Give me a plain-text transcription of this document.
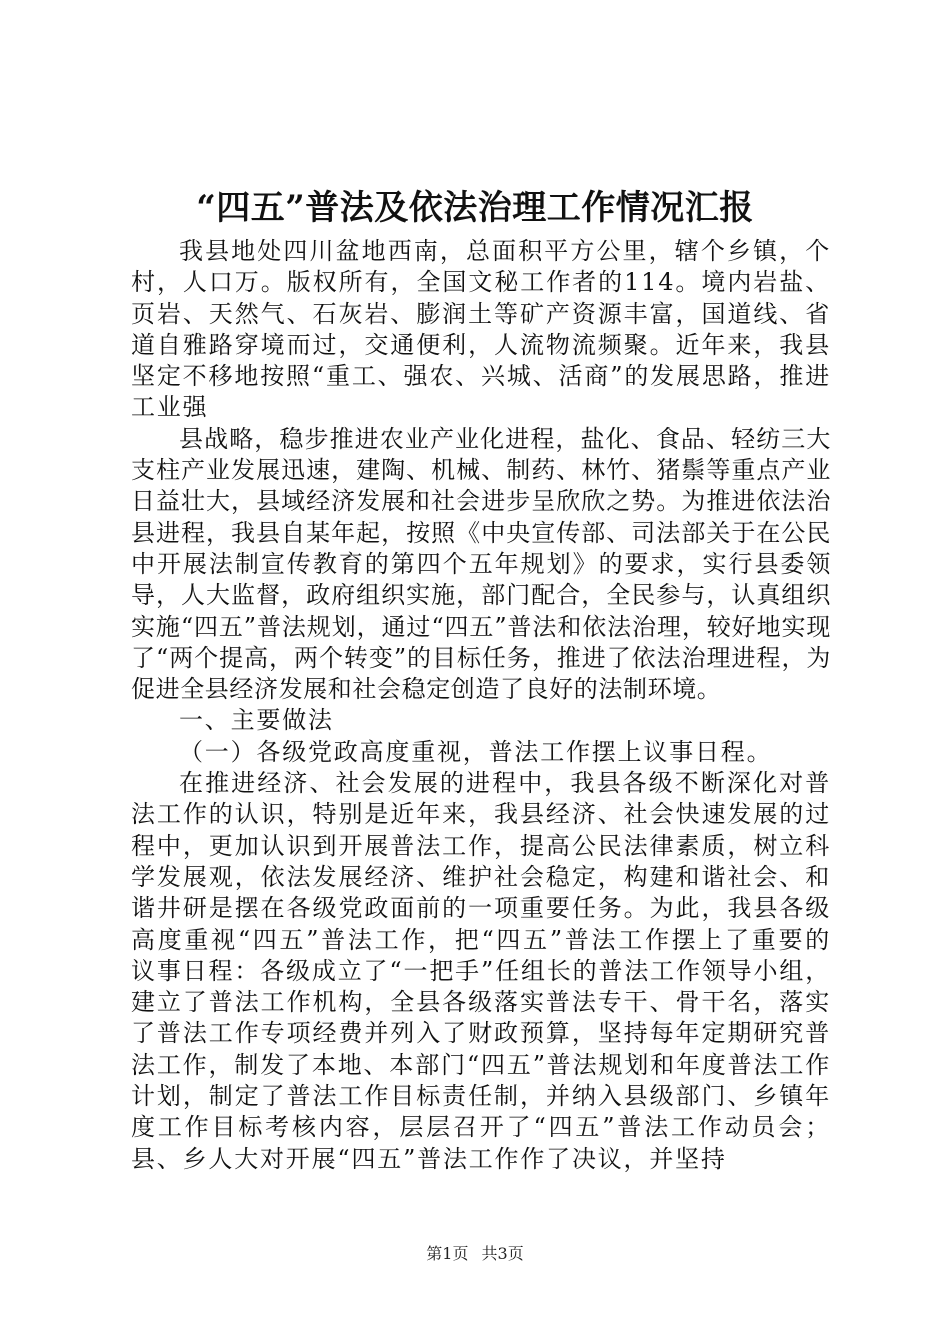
“四五”普法及依法治理工作情况汇报

我县地处四川盆地西南，总面积平方公里，辖个乡镇，个村，人口万。版权所有，全国文秘工作者的114。境内岩盐、页岩、天然气、石灰岩、膨润土等矿产资源丰富，国道线、省道自雅路穿境而过，交通便利，人流物流频聚。近年来，我县坚定不移地按照“重工、强农、兴城、活商”的发展思路，推进工业强

县战略，稳步推进农业产业化进程，盐化、食品、轻纺三大支柱产业发展迅速，建陶、机械、制药、林竹、猪鬃等重点产业日益壮大，县域经济发展和社会进步呈欣欣之势。为推进依法治县进程，我县自某年起，按照《中央宣传部、司法部关于在公民中开展法制宣传教育的第四个五年规划》的要求，实行县委领导，人大监督，政府组织实施，部门配合，全民参与，认真组织实施“四五”普法规划，通过“四五”普法和依法治理，较好地实现了“两个提高，两个转变”的目标任务，推进了依法治理进程，为促进全县经济发展和社会稳定创造了良好的法制环境。

一、主要做法

（一）各级党政高度重视，普法工作摆上议事日程。

在推进经济、社会发展的进程中，我县各级不断深化对普法工作的认识，特别是近年来，我县经济、社会快速发展的过程中，更加认识到开展普法工作，提高公民法律素质，树立科学发展观，依法发展经济、维护社会稳定，构建和谐社会、和谐井研是摆在各级党政面前的一项重要任务。为此，我县各级高度重视“四五”普法工作，把“四五”普法工作摆上了重要的议事日程：各级成立了“一把手”任组长的普法工作领导小组，建立了普法工作机构，全县各级落实普法专干、骨干名，落实了普法工作专项经费并列入了财政预算，坚持每年定期研究普法工作，制发了本地、本部门“四五”普法规划和年度普法工作计划，制定了普法工作目标责任制，并纳入县级部门、乡镇年度工作目标考核内容，层层召开了“四五”普法工作动员会；县、乡人大对开展“四五”普法工作作了决议，并坚持

第1页 共3页
